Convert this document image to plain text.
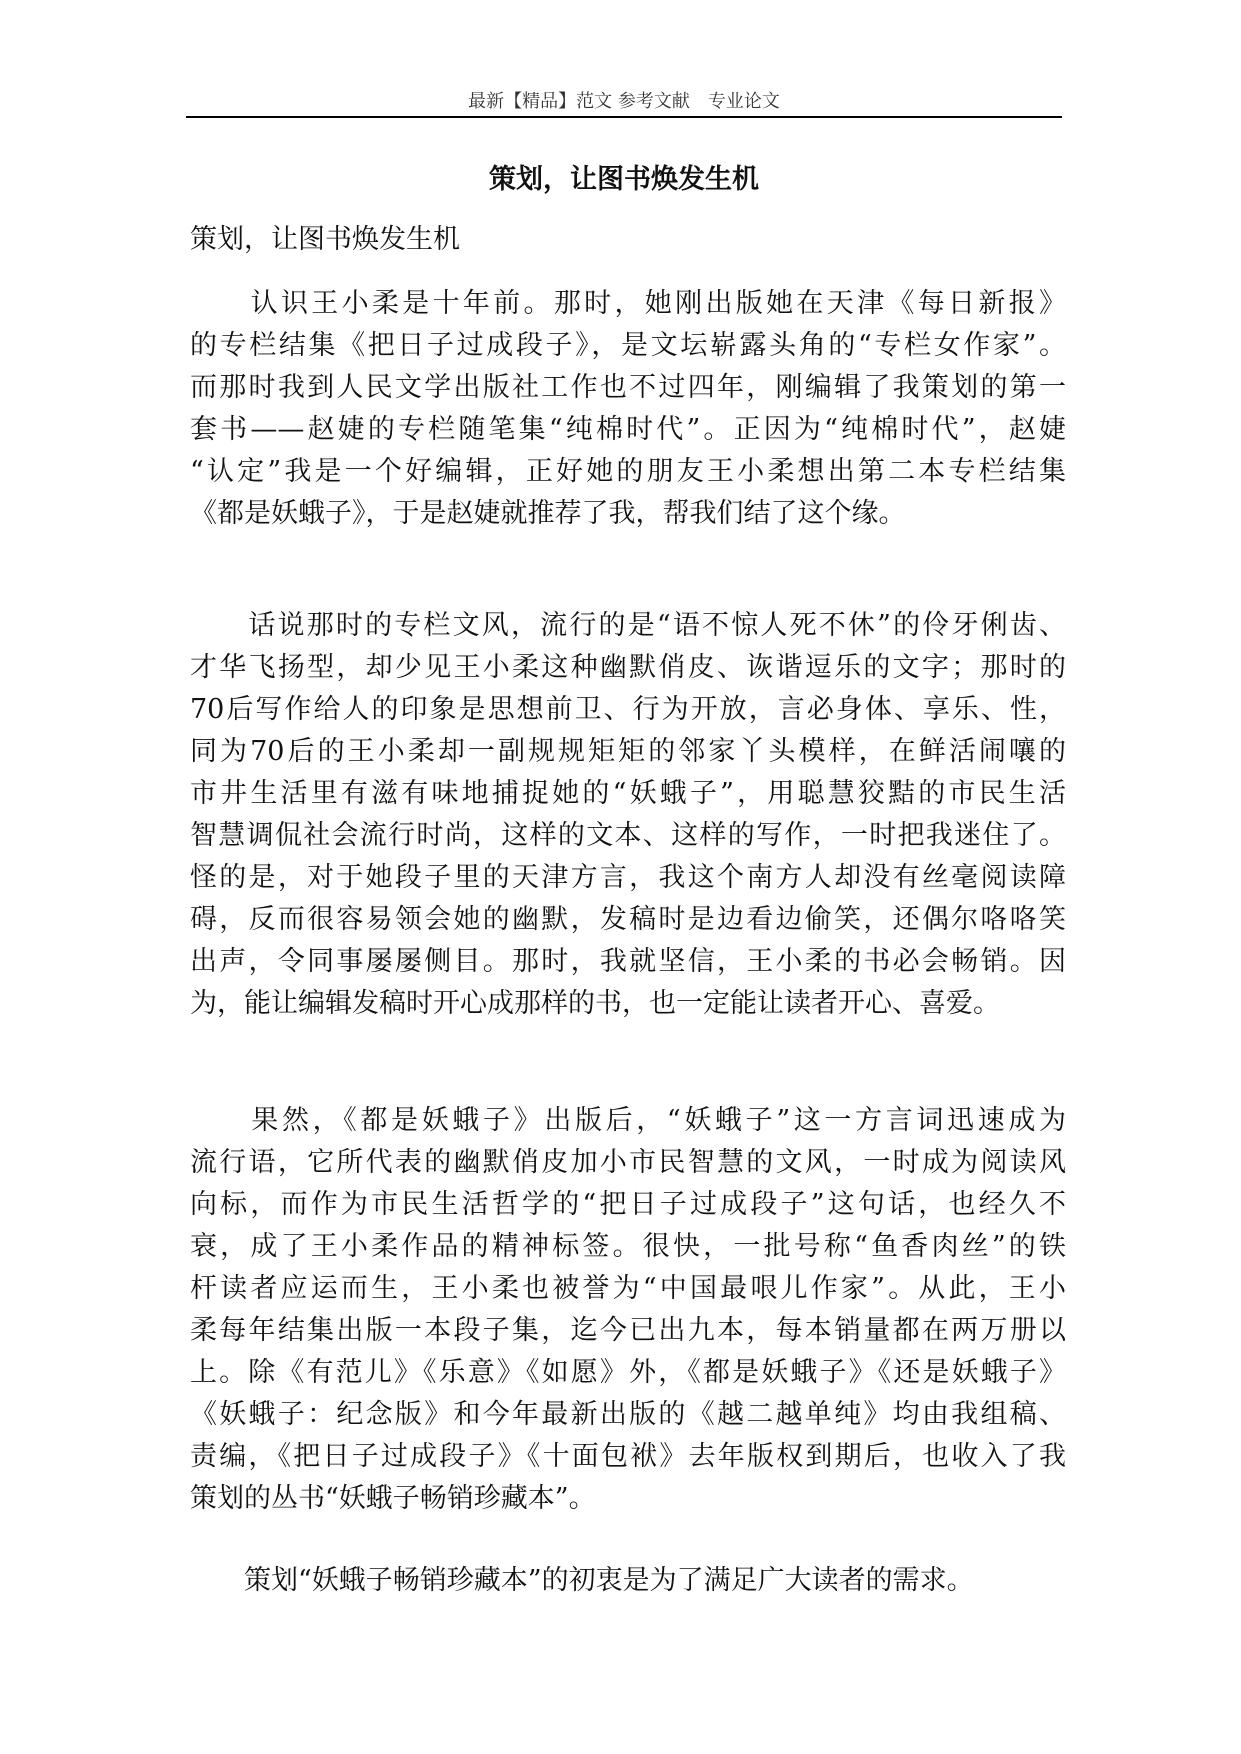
最新【精品】范文 参考文献　专业论文
策划，让图书焕发生机

策划，让图书焕发生机

　　认识王小柔是十年前。那时，她刚出版她在天津《每日新报》
的专栏结集《把日子过成段子》，是文坛崭露头角的“专栏女作家”。
而那时我到人民文学出版社工作也不过四年，刚编辑了我策划的第一
套书——赵婕的专栏随笔集“纯棉时代”。正因为“纯棉时代”，赵婕
“认定”我是一个好编辑，正好她的朋友王小柔想出第二本专栏结集
《都是妖蛾子》，于是赵婕就推荐了我，帮我们结了这个缘。

　　话说那时的专栏文风，流行的是“语不惊人死不休”的伶牙俐齿、
才华飞扬型，却少见王小柔这种幽默俏皮、诙谐逗乐的文字；那时的
70后写作给人的印象是思想前卫、行为开放，言必身体、享乐、性，
同为70后的王小柔却一副规规矩矩的邻家丫头模样，在鲜活闹嚷的
市井生活里有滋有味地捕捉她的“妖蛾子”，用聪慧狡黠的市民生活
智慧调侃社会流行时尚，这样的文本、这样的写作，一时把我迷住了。
怪的是，对于她段子里的天津方言，我这个南方人却没有丝毫阅读障
碍，反而很容易领会她的幽默，发稿时是边看边偷笑，还偶尔咯咯笑
出声，令同事屡屡侧目。那时，我就坚信，王小柔的书必会畅销。因
为，能让编辑发稿时开心成那样的书，也一定能让读者开心、喜爱。

　　果然，《都是妖蛾子》出版后，“妖蛾子”这一方言词迅速成为
流行语，它所代表的幽默俏皮加小市民智慧的文风，一时成为阅读风
向标，而作为市民生活哲学的“把日子过成段子”这句话，也经久不
衰，成了王小柔作品的精神标签。很快，一批号称“鱼香肉丝”的铁
杆读者应运而生，王小柔也被誉为“中国最哏儿作家”。从此，王小
柔每年结集出版一本段子集，迄今已出九本，每本销量都在两万册以
上。除《有范儿》《乐意》《如愿》外，《都是妖蛾子》《还是妖蛾子》
《妖蛾子：纪念版》和今年最新出版的《越二越单纯》均由我组稿、
责编，《把日子过成段子》《十面包袱》去年版权到期后，也收入了我
策划的丛书“妖蛾子畅销珍藏本”。

　　策划“妖蛾子畅销珍藏本”的初衷是为了满足广大读者的需求。
